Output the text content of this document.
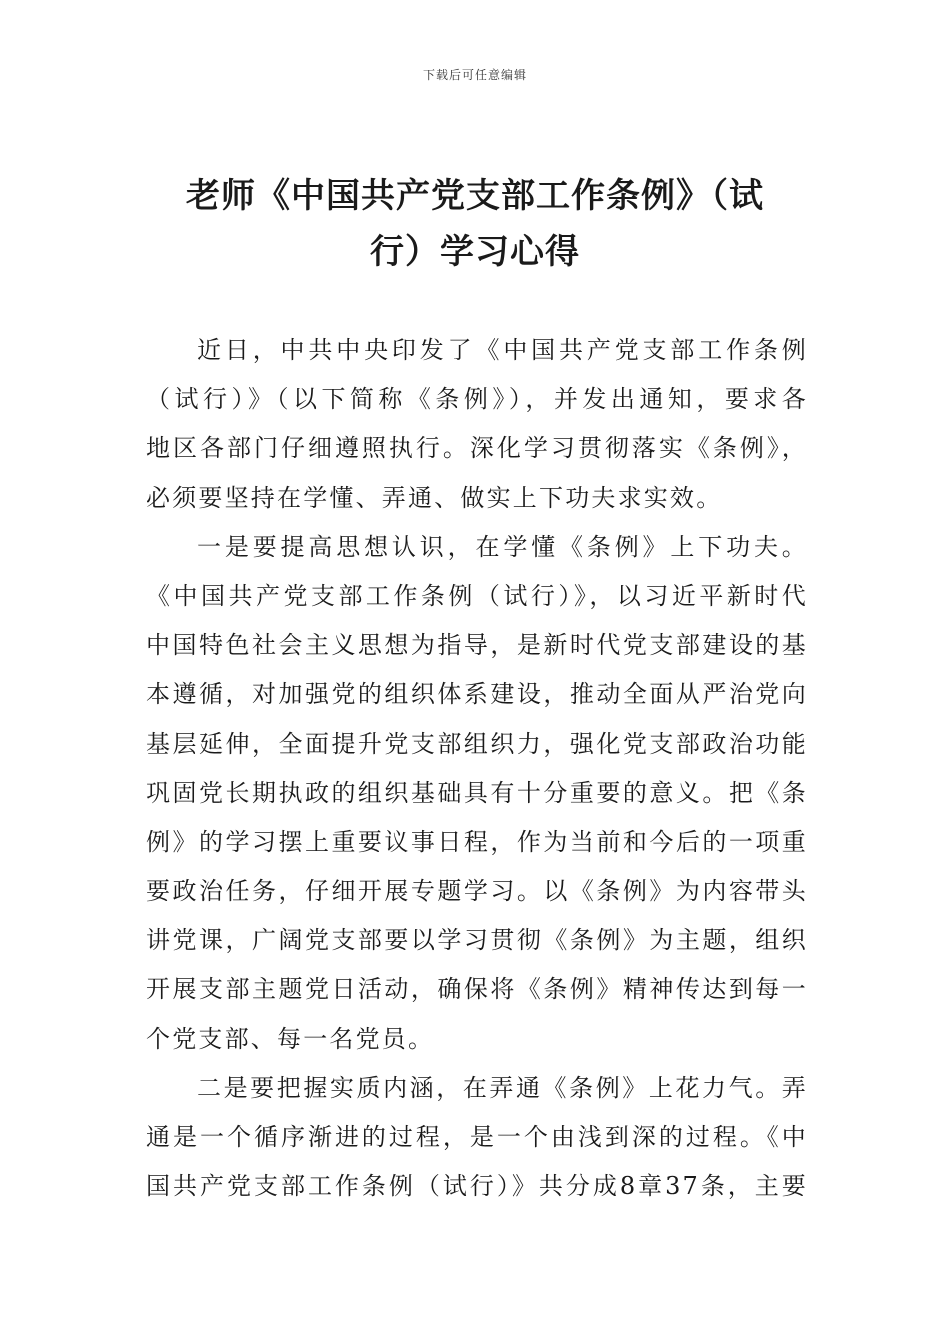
下载后可任意编辑
老师《中国共产党支部工作条例》（试
行）学习心得
近日，中共中央印发了《中国共产党支部工作条例
（试行）》（以下简称《条例》），并发出通知，要求各
地区各部门仔细遵照执行。深化学习贯彻落实《条例》，
必须要坚持在学懂、弄通、做实上下功夫求实效。
一是要提高思想认识，在学懂《条例》上下功夫。
《中国共产党支部工作条例（试行）》，以习近平新时代
中国特色社会主义思想为指导，是新时代党支部建设的基
本遵循，对加强党的组织体系建设，推动全面从严治党向
基层延伸，全面提升党支部组织力，强化党支部政治功能
巩固党长期执政的组织基础具有十分重要的意义。把《条
例》的学习摆上重要议事日程，作为当前和今后的一项重
要政治任务，仔细开展专题学习。以《条例》为内容带头
讲党课，广阔党支部要以学习贯彻《条例》为主题，组织
开展支部主题党日活动，确保将《条例》精神传达到每一
个党支部、每一名党员。
二是要把握实质内涵，在弄通《条例》上花力气。弄
通是一个循序渐进的过程，是一个由浅到深的过程。《中
国共产党支部工作条例（试行）》共分成8章37条，主要
